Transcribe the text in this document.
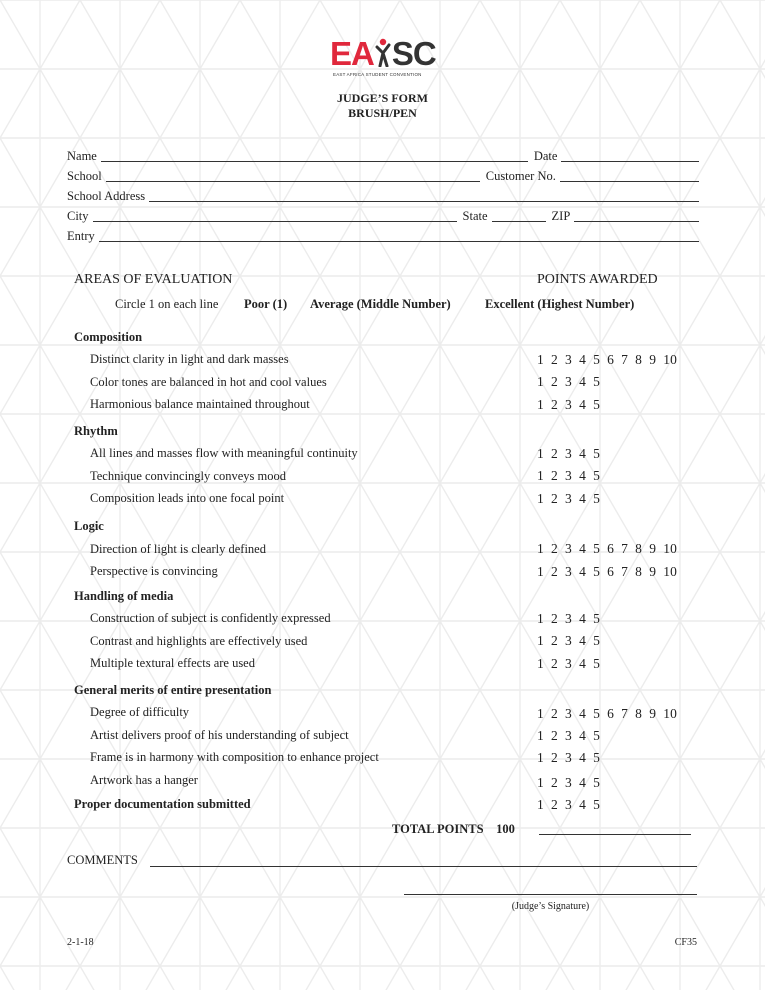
EA SC
EAST AFRICA STUDENT CONVENTION
JUDGE’S FORM
BRUSH/PEN
Name	Date
School	Customer No.
School Address
City	State	ZIP
Entry
AREAS OF EVALUATION	POINTS AWARDED
Circle 1 on each line Poor (1) Average (Middle Number)	Excellent (Highest Number)
Composition
Distinct clarity in light and dark masses	1 2 3 4 5 6 7 8 9 10
Color tones are balanced in hot and cool values	1 2 3 4 5
Harmonious balance maintained throughout	1 2 3 4 5
Rhythm
All lines and masses flow with meaningful continuity	1 2 3 4 5
Technique convincingly conveys mood	1 2 3 4 5
Composition leads into one focal point	1 2 3 4 5
Logic
Direction of light is clearly defined	1 2 3 4 5 6 7 8 9 10
Perspective is convincing	1 2 3 4 5 6 7 8 9 10
Handling of media
Construction of subject is confidently expressed	1 2 3 4 5
Contrast and highlights are effectively used	1 2 3 4 5
Multiple textural effects are used	1 2 3 4 5
General merits of entire presentation
Degree of difficulty	1 2 3 4 5 6 7 8 9 10
Artist delivers proof of his understanding of subject	1 2 3 4 5
Frame is in harmony with composition to enhance project	1 2 3 4 5
Artwork has a hanger	1 2 3 4 5
Proper documentation submitted	1 2 3 4 5
TOTAL POINTS 100
COMMENTS
(Judge’s Signature)
2-1-18	CF35
